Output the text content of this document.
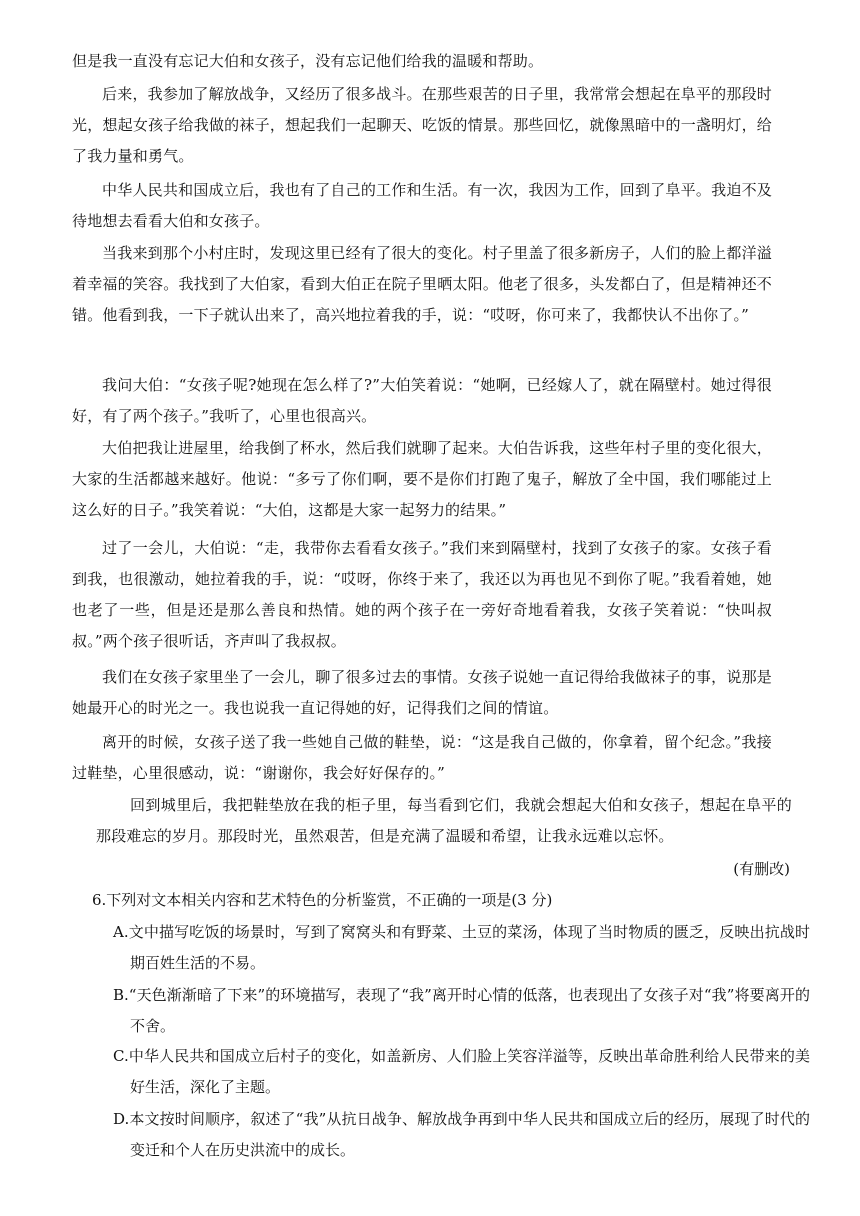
但是我一直没有忘记大伯和女孩子，没有忘记他们给我的温暖和帮助。

后来，我参加了解放战争，又经历了很多战斗。在那些艰苦的日子里，我常常会想起在阜平的那段时光，想起女孩子给我做的袜子，想起我们一起聊天、吃饭的情景。那些回忆，就像黑暗中的一盏明灯，给了我力量和勇气。

中华人民共和国成立后，我也有了自己的工作和生活。有一次，我因为工作，回到了阜平。我迫不及待地想去看看大伯和女孩子。

当我来到那个小村庄时，发现这里已经有了很大的变化。村子里盖了很多新房子，人们的脸上都洋溢着幸福的笑容。我找到了大伯家，看到大伯正在院子里晒太阳。他老了很多，头发都白了，但是精神还不错。他看到我，一下子就认出来了，高兴地拉着我的手，说：“哎呀，你可来了，我都快认不出你了。”

我问大伯：“女孩子呢?她现在怎么样了?”大伯笑着说：“她啊，已经嫁人了，就在隔壁村。她过得很好，有了两个孩子。”我听了，心里也很高兴。

大伯把我让进屋里，给我倒了杯水，然后我们就聊了起来。大伯告诉我，这些年村子里的变化很大，大家的生活都越来越好。他说：“多亏了你们啊，要不是你们打跑了鬼子，解放了全中国，我们哪能过上这么好的日子。”我笑着说：“大伯，这都是大家一起努力的结果。”

过了一会儿，大伯说：“走，我带你去看看女孩子。”我们来到隔壁村，找到了女孩子的家。女孩子看到我，也很激动，她拉着我的手，说：“哎呀，你终于来了，我还以为再也见不到你了呢。”我看着她，她也老了一些，但是还是那么善良和热情。她的两个孩子在一旁好奇地看着我，女孩子笑着说：“快叫叔叔。”两个孩子很听话，齐声叫了我叔叔。

我们在女孩子家里坐了一会儿，聊了很多过去的事情。女孩子说她一直记得给我做袜子的事，说那是她最开心的时光之一。我也说我一直记得她的好，记得我们之间的情谊。

离开的时候，女孩子送了我一些她自己做的鞋垫，说：“这是我自己做的，你拿着，留个纪念。”我接过鞋垫，心里很感动，说：“谢谢你，我会好好保存的。”

回到城里后，我把鞋垫放在我的柜子里，每当看到它们，我就会想起大伯和女孩子，想起在阜平的那段难忘的岁月。那段时光，虽然艰苦，但是充满了温暖和希望，让我永远难以忘怀。

(有删改)

6.下列对文本相关内容和艺术特色的分析鉴赏，不正确的一项是(3 分)

A.文中描写吃饭的场景时，写到了窝窝头和有野菜、土豆的菜汤，体现了当时物质的匮乏，反映出抗战时期百姓生活的不易。

B.“天色渐渐暗了下来”的环境描写，表现了“我”离开时心情的低落，也表现出了女孩子对“我”将要离开的不舍。

C.中华人民共和国成立后村子的变化，如盖新房、人们脸上笑容洋溢等，反映出革命胜利给人民带来的美好生活，深化了主题。

D.本文按时间顺序，叙述了“我”从抗日战争、解放战争再到中华人民共和国成立后的经历，展现了时代的变迁和个人在历史洪流中的成长。
